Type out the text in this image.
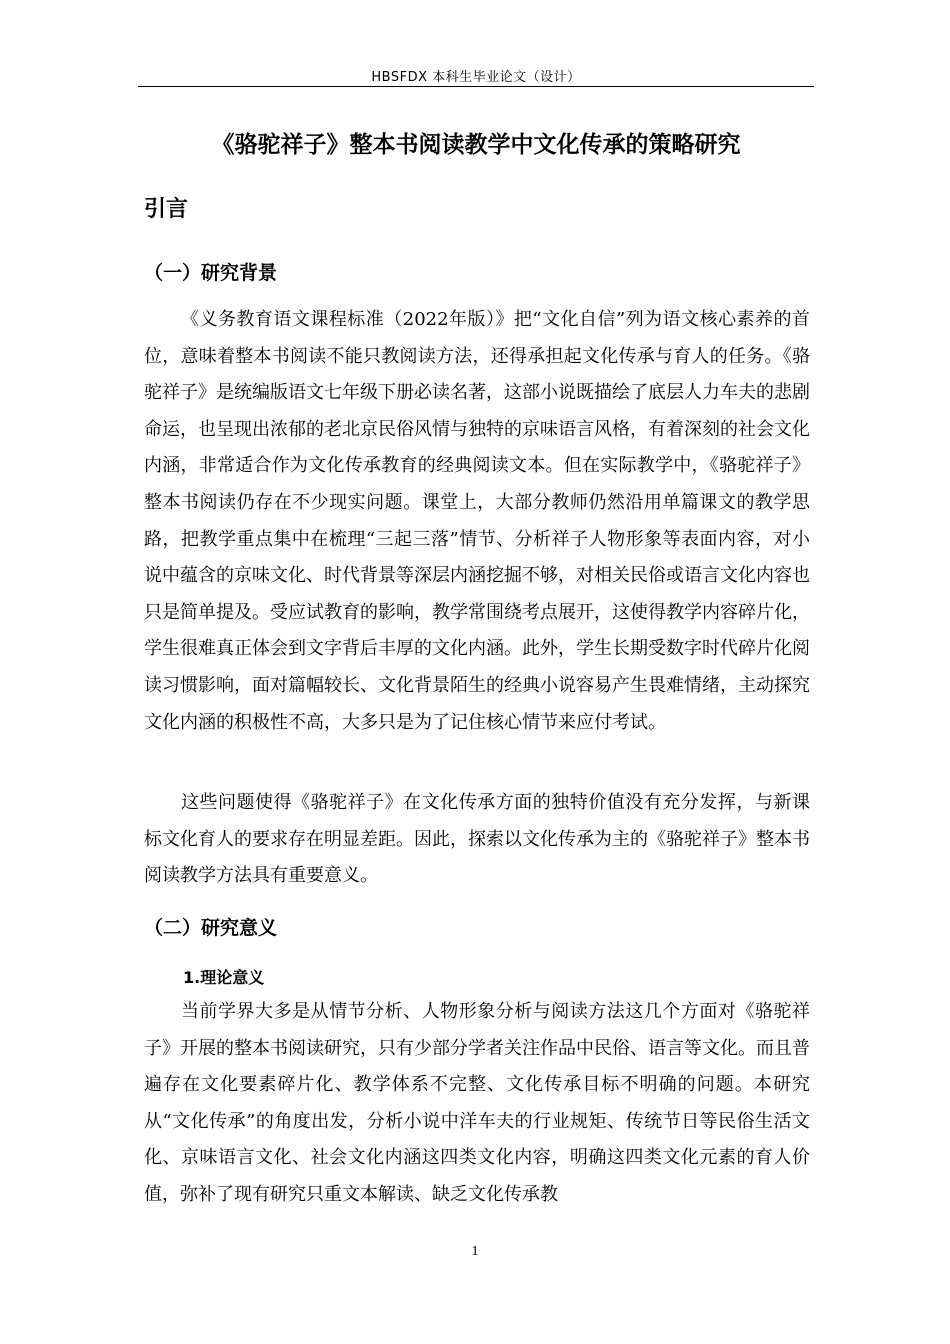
HBSFDX 本科生毕业论文（设计）
《骆驼祥子》整本书阅读教学中文化传承的策略研究
引言
（一）研究背景

《义务教育语文课程标准（2022年版）》把“文化自信”列为语文核心素养的首位，意味着整本书阅读不能只教阅读方法，还得承担起文化传承与育人的任务。《骆驼祥子》是统编版语文七年级下册必读名著，这部小说既描绘了底层人力车夫的悲剧命运，也呈现出浓郁的老北京民俗风情与独特的京味语言风格，有着深刻的社会文化内涵，非常适合作为文化传承教育的经典阅读文本。但在实际教学中，《骆驼祥子》整本书阅读仍存在不少现实问题。课堂上，大部分教师仍然沿用单篇课文的教学思路，把教学重点集中在梳理“三起三落”情节、分析祥子人物形象等表面内容，对小说中蕴含的京味文化、时代背景等深层内涵挖掘不够，对相关民俗或语言文化内容也只是简单提及。受应试教育的影响，教学常围绕考点展开，这使得教学内容碎片化，学生很难真正体会到文字背后丰厚的文化内涵。此外，学生长期受数字时代碎片化阅读习惯影响，面对篇幅较长、文化背景陌生的经典小说容易产生畏难情绪，主动探究文化内涵的积极性不高，大多只是为了记住核心情节来应付考试。

这些问题使得《骆驼祥子》在文化传承方面的独特价值没有充分发挥，与新课标文化育人的要求存在明显差距。因此，探索以文化传承为主的《骆驼祥子》整本书阅读教学方法具有重要意义。

（二）研究意义
1.理论意义

当前学界大多是从情节分析、人物形象分析与阅读方法这几个方面对《骆驼祥子》开展的整本书阅读研究，只有少部分学者关注作品中民俗、语言等文化。而且普遍存在文化要素碎片化、教学体系不完整、文化传承目标不明确的问题。本研究从“文化传承”的角度出发，分析小说中洋车夫的行业规矩、传统节日等民俗生活文化、京味语言文化、社会文化内涵这四类文化内容，明确这四类文化元素的育人价值，弥补了现有研究只重文本解读、缺乏文化传承教

1
